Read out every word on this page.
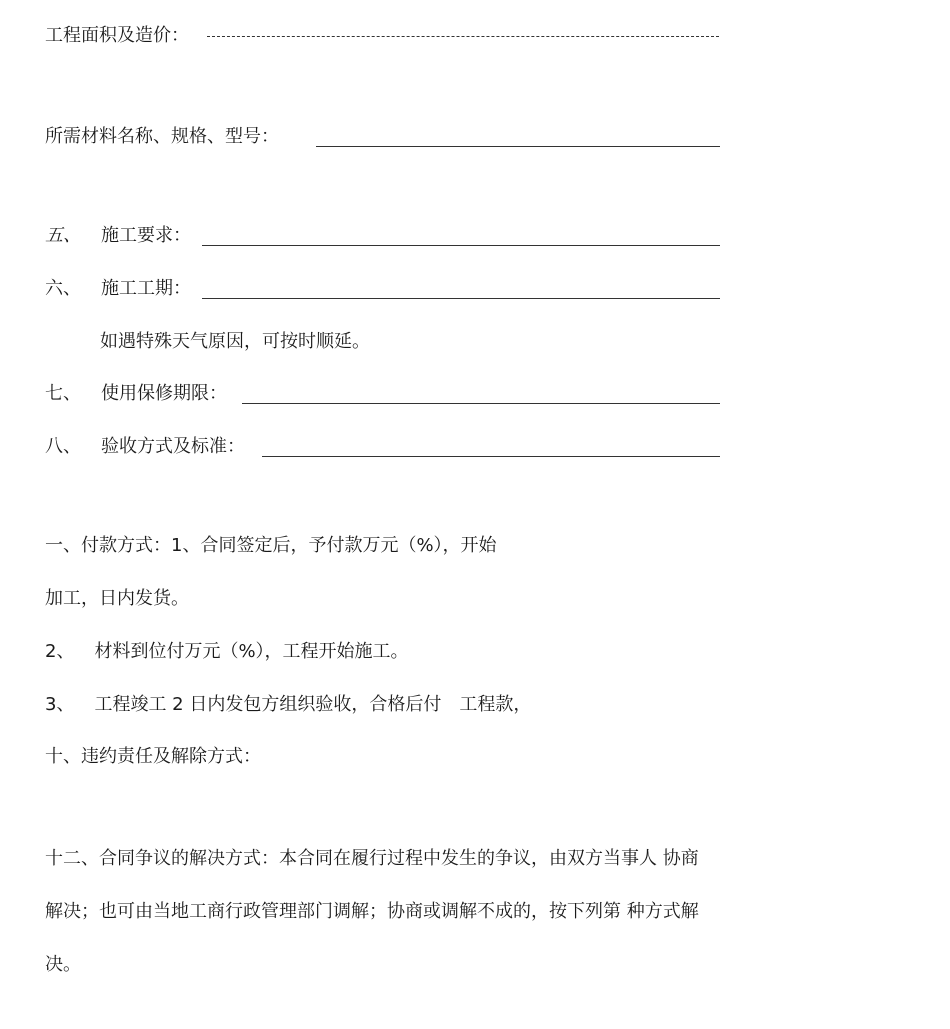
工程面积及造价：
所需材料名称、规格、型号：
五、 施工要求：
六、 施工工期：
如遇特殊天气原因，可按时顺延。
七、 使用保修期限：
八、 验收方式及标准：
一、付款方式：1、合同签定后，予付款万元（%），开始
加工，日内发货。
2、 材料到位付万元（%），工程开始施工。
3、 工程竣工 2 日内发包方组织验收，合格后付　工程款，
十、违约责任及解除方式：
十二、合同争议的解决方式：本合同在履行过程中发生的争议，由双方当事人 协商
解决；也可由当地工商行政管理部门调解；协商或调解不成的，按下列第 种方式解
决。
